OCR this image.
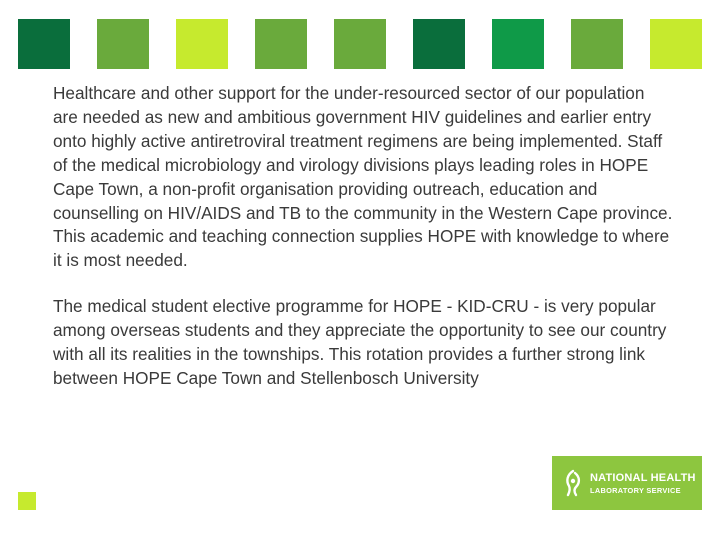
Healthcare and other support for the under-resourced sector of our population are needed as new and ambitious government HIV guidelines and earlier entry onto highly active antiretroviral treatment regimens are being implemented. Staff of the medical microbiology and virology divisions plays leading roles in HOPE Cape Town, a non-profit organisation providing outreach, education and counselling on HIV/AIDS and TB to the community in the Western Cape province. This academic and teaching connection supplies HOPE with knowledge to where it is most needed.

The medical student elective programme for HOPE - KID-CRU - is very popular among overseas students and they appreciate the opportunity to see our country with all its realities in the townships. This rotation provides a further strong link between HOPE Cape Town and Stellenbosch University

NATIONAL HEALTH
LABORATORY SERVICE
56
